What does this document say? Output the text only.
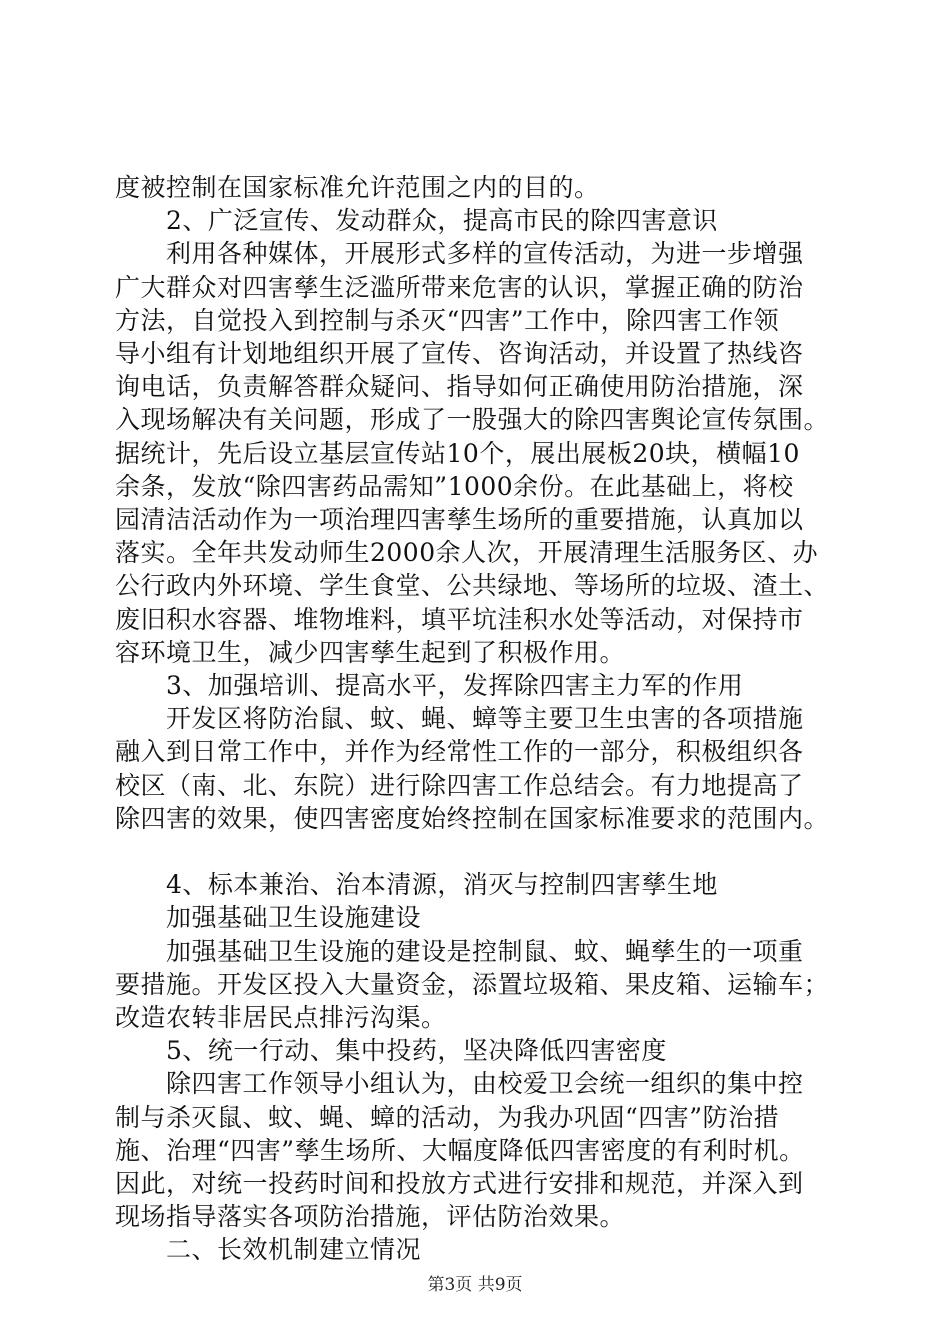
度被控制在国家标准允许范围之内的目的。
　　2、广泛宣传、发动群众，提高市民的除四害意识
　　利用各种媒体，开展形式多样的宣传活动，为进一步增强
广大群众对四害孳生泛滥所带来危害的认识，掌握正确的防治
方法，自觉投入到控制与杀灭“四害”工作中，除四害工作领
导小组有计划地组织开展了宣传、咨询活动，并设置了热线咨
询电话，负责解答群众疑问、指导如何正确使用防治措施，深
入现场解决有关问题，形成了一股强大的除四害舆论宣传氛围。
据统计，先后设立基层宣传站10个，展出展板20块，横幅10
余条，发放“除四害药品需知”1000余份。在此基础上，将校
园清洁活动作为一项治理四害孳生场所的重要措施，认真加以
落实。全年共发动师生2000余人次，开展清理生活服务区、办
公行政内外环境、学生食堂、公共绿地、等场所的垃圾、渣土、
废旧积水容器、堆物堆料，填平坑洼积水处等活动，对保持市
容环境卫生，减少四害孳生起到了积极作用。
　　3、加强培训、提高水平，发挥除四害主力军的作用
　　开发区将防治鼠、蚊、蝇、蟑等主要卫生虫害的各项措施
融入到日常工作中，并作为经常性工作的一部分，积极组织各
校区（南、北、东院）进行除四害工作总结会。有力地提高了
除四害的效果，使四害密度始终控制在国家标准要求的范围内。
　　4、标本兼治、治本清源，消灭与控制四害孳生地
　　加强基础卫生设施建设
　　加强基础卫生设施的建设是控制鼠、蚊、蝇孳生的一项重
要措施。开发区投入大量资金，添置垃圾箱、果皮箱、运输车；
改造农转非居民点排污沟渠。
　　5、统一行动、集中投药，坚决降低四害密度
　　除四害工作领导小组认为，由校爱卫会统一组织的集中控
制与杀灭鼠、蚊、蝇、蟑的活动，为我办巩固“四害”防治措
施、治理“四害”孳生场所、大幅度降低四害密度的有利时机。
因此，对统一投药时间和投放方式进行安排和规范，并深入到
现场指导落实各项防治措施，评估防治效果。
第3页 共9页
　　二、长效机制建立情况
